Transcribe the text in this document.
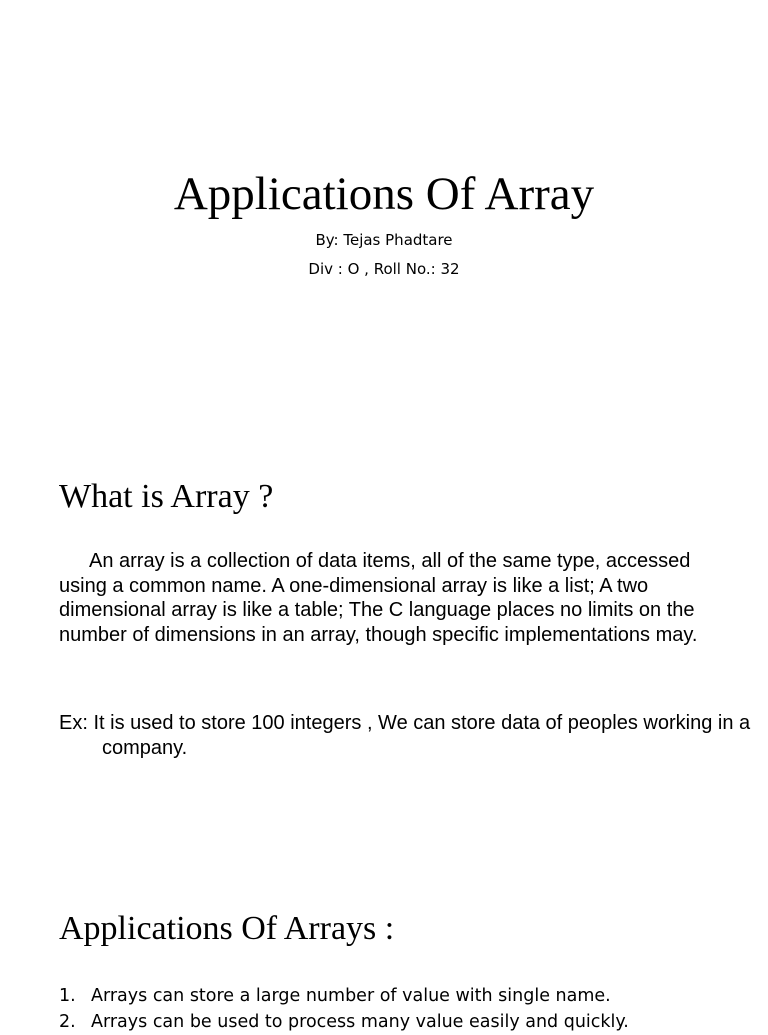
Applications Of Array
By: Tejas Phadtare
Div : O , Roll No.: 32
What is Array ?
An array is a collection of data items, all of the same type, accessed using a common name. A one-dimensional array is like a list; A two dimensional array is like a table; The C language places no limits on the number of dimensions in an array, though specific implementations may.
Ex: It is used to store 100 integers , We can store data of peoples working in a company.
Applications Of Arrays :
1. Arrays can store a large number of value with single name.
2. Arrays can be used to process many value easily and quickly.
